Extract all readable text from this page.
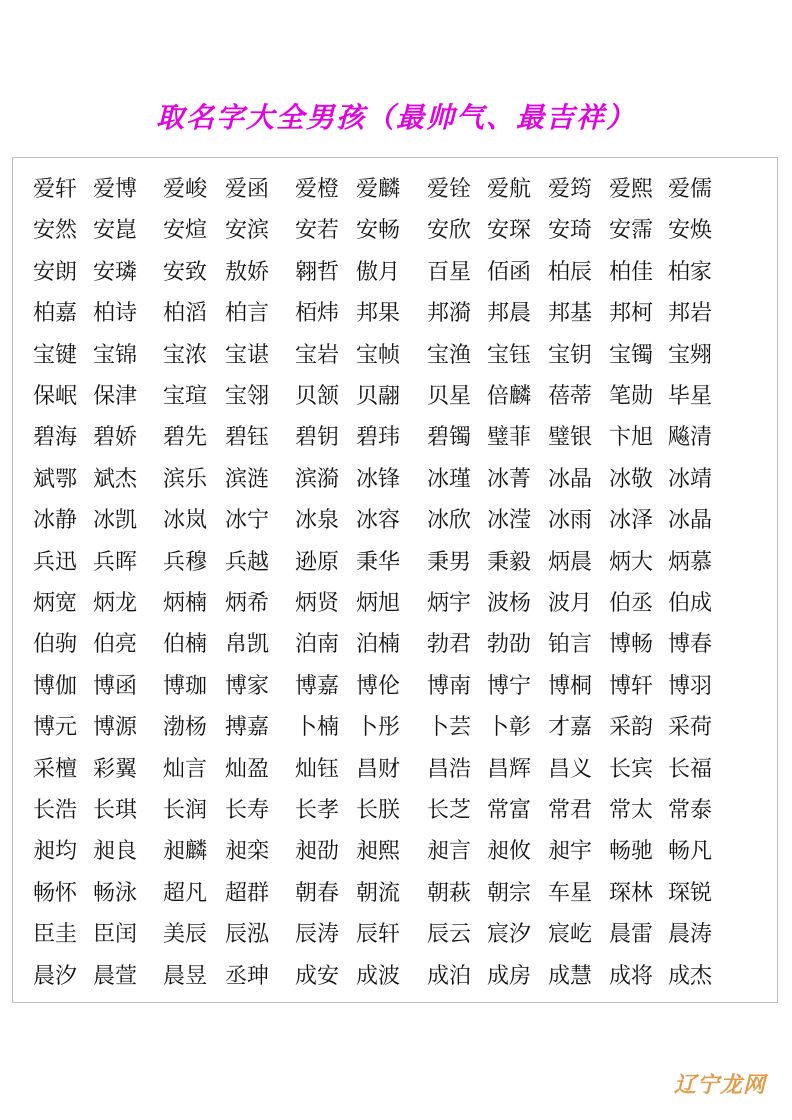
取名字大全男孩（最帅气、最吉祥）
爱轩 爱博 爱峻 爱函 爱橙 爱麟 爱铨 爱航 爱筠 爱熙 爱儒
安然 安崑 安煊 安滨 安若 安畅 安欣 安琛 安琦 安霈 安焕
安朗 安璘 安致 敖娇 翱哲 傲月 百星 佰函 柏辰 柏佳 柏家
柏嘉 柏诗 柏滔 柏言 栢炜 邦果 邦漪 邦晨 邦基 邦柯 邦岩
宝键 宝锦 宝浓 宝谌 宝岩 宝帧 宝渔 宝钰 宝钥 宝镯 宝翙
保岷 保津 宝瑄 宝翎 贝颔 贝翮 贝星 倍麟 蓓蒂 笔勋 毕星
碧海 碧娇 碧先 碧钰 碧钥 碧玮 碧镯 璧菲 璧银 卞旭 飚清
斌鄂 斌杰 滨乐 滨涟 滨漪 冰锋 冰瑾 冰菁 冰晶 冰敬 冰靖
冰静 冰凯 冰岚 冰宁 冰泉 冰容 冰欣 冰滢 冰雨 冰泽 冰晶
兵迅 兵晖 兵穆 兵越 逊原 秉华 秉男 秉毅 炳晨 炳大 炳慕
炳宽 炳龙 炳楠 炳希 炳贤 炳旭 炳宇 波杨 波月 伯丞 伯成
伯驹 伯亮 伯楠 帛凯 泊南 泊楠 勃君 勃劭 铂言 博畅 博春
博伽 博函 博珈 博家 博嘉 博伦 博南 博宁 博桐 博轩 博羽
博元 博源 渤杨 搏嘉 卜楠 卜彤 卜芸 卜彰 才嘉 采韵 采荷
采檀 彩翼 灿言 灿盈 灿钰 昌财 昌浩 昌辉 昌义 长宾 长福
长浩 长琪 长润 长寿 长孝 长朕 长芝 常富 常君 常太 常泰
昶均 昶良 昶麟 昶栾 昶劭 昶熙 昶言 昶攸 昶宇 畅驰 畅凡
畅怀 畅泳 超凡 超群 朝春 朝流 朝萩 朝宗 车星 琛林 琛锐
臣圭 臣闰 美辰 辰泓 辰涛 辰轩 辰云 宸汐 宸屹 晨雷 晨涛
晨汐 晨萱 晨昱 丞珅 成安 成波 成泊 成房 成慧 成将 成杰
辽宁龙网
